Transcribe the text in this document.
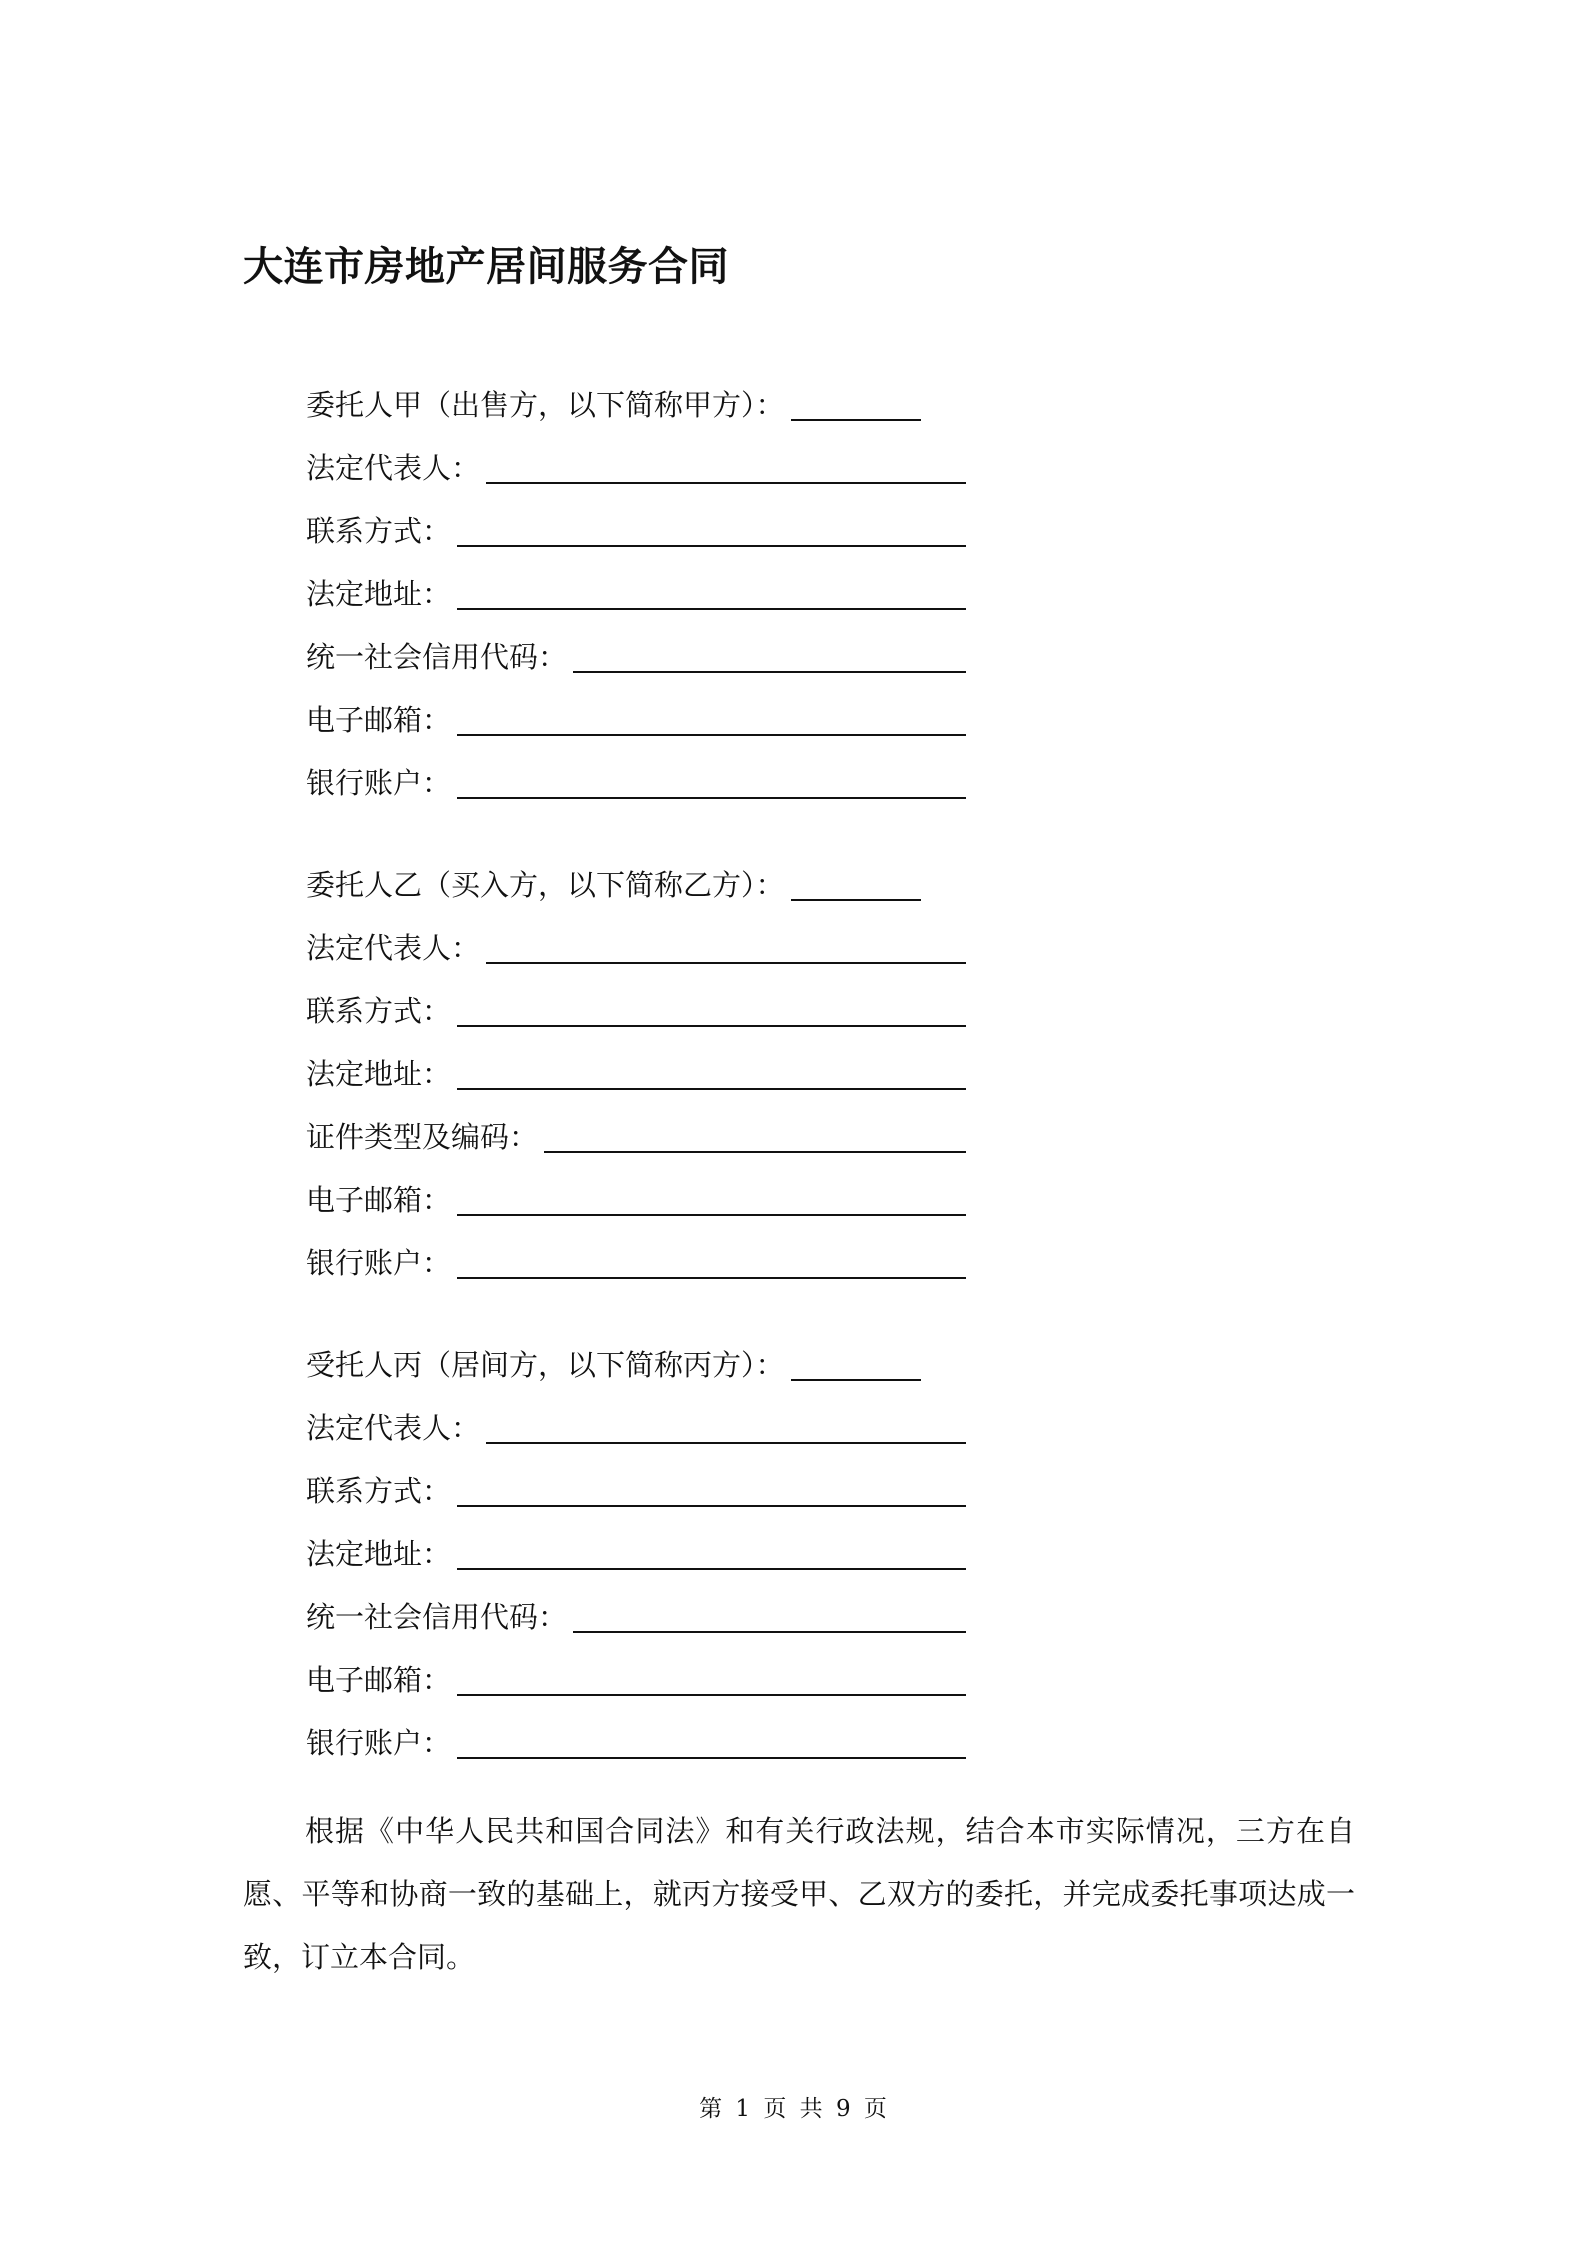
大连市房地产居间服务合同
委托人甲（出售方，以下简称甲方）：
法定代表人：
联系方式：
法定地址：
统一社会信用代码：
电子邮箱：
银行账户：
委托人乙（买入方，以下简称乙方）：
法定代表人：
联系方式：
法定地址：
证件类型及编码：
电子邮箱：
银行账户：
受托人丙（居间方，以下简称丙方）：
法定代表人：
联系方式：
法定地址：
统一社会信用代码：
电子邮箱：
银行账户：

根据《中华人民共和国合同法》和有关行政法规，结合本市实际情况，三方在自愿、平等和协商一致的基础上，就丙方接受甲、乙双方的委托，并完成委托事项达成一致，订立本合同。

第 1 页 共 9 页
